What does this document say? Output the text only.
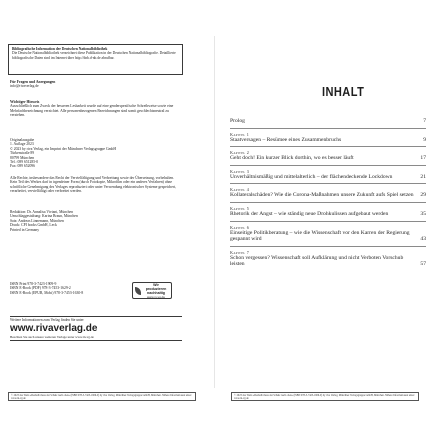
Bibliografische Information der Deutschen Nationalbibliothek
Die Deutsche Nationalbibliothek verzeichnet diese Publikation in der Deutschen Nationalbibliografie. Detaillierte bibliografische Daten sind im Internet über http://dnb.d-nb.de abrufbar.
Für Fragen und Anregungen
info@rivaverlag.de
Wichtiger Hinweis
Ausschließlich zum Zweck der besseren Lesbarkeit wurde auf eine genderspezifische Schreibweise sowie eine Mehrfachbezeichnung verzichtet. Alle personenbezogenen Bezeichnungen sind somit geschlechtsneutral zu verstehen.
Originalausgabe
1. Auflage 2023
© 2023 by riva Verlag, ein Imprint der Münchner Verlagsgruppe GmbH
Türkenstraße 89
80799 München
Tel.: 089 651285-0
Fax: 089 652096
Alle Rechte, insbesondere das Recht der Vervielfältigung und Verbreitung sowie der Übersetzung, vorbehalten. Kein Teil des Werkes darf in irgendeiner Form (durch Fotokopie, Mikrofilm oder ein anderes Verfahren) ohne schriftliche Genehmigung des Verlages reproduziert oder unter Verwendung elektronischer Systeme gespeichert, verarbeitet, vervielfältigt oder verbreitet werden.
Redaktion: Dr. Annalisa Viviani, München
Umschlaggestaltung: Karina Braun, München
Satz: Andreas Linnemann, München
Druck: CPI books GmbH, Leck
Printed in Germany
ISBN Print 978-3-7423-1909-9
ISBN E-Book (PDF) 978-3-7453-1629-2
ISBN E-Book (EPUB, Mobi) 978-3-7453-1630-8
Wir produzieren nachhaltig
www.m-vg.de
Weitere Informationen zum Verlag finden Sie unter
www.rivaverlag.de
Beachten Sie auch unsere weiteren Verlage unter www.m-vg.de
INHALT
Prolog	7
Kapitel 1
Staatversagen – Resümee eines Zusammenbruchs	9
Kapitel 2
Geht doch! Ein kurzer Blick dorthin, wo es besser läuft	17
Kapitel 3
Unverhältnismäßig und mittelalterlich – der flächendeckende Lockdown	21
Kapitel 4
Kollateralschäden? Wie die Corona-Maßnahmen unsere Zukunft aufs Spiel setzen	29
Kapitel 5
Rhetorik der Angst – wie ständig neue Drohkulissen aufgebaut werden	35
Kapitel 6
Einseitige Politikberatung – wie die Wissenschaft vor den Karren der Regierung gespannt wird	43
Kapitel 7
Schon vergessen? Wissenschaft soll Aufklärung und nicht Verboten Vorschub leisten	57
© 2023 des Titels »Deshalb muss der Schulz nach oben« (ISBN 978-3-7423-1909-9) by riva Verlag, Münchner Verlagsgruppe GmbH, München. Nähere Informationen unter: www.m-vg.de
© 2023 des Titels »Deshalb muss der Schulz nach oben« (ISBN 978-3-7423-1909-9) by riva Verlag, Münchner Verlagsgruppe GmbH, München. Nähere Informationen unter: www.m-vg.de
